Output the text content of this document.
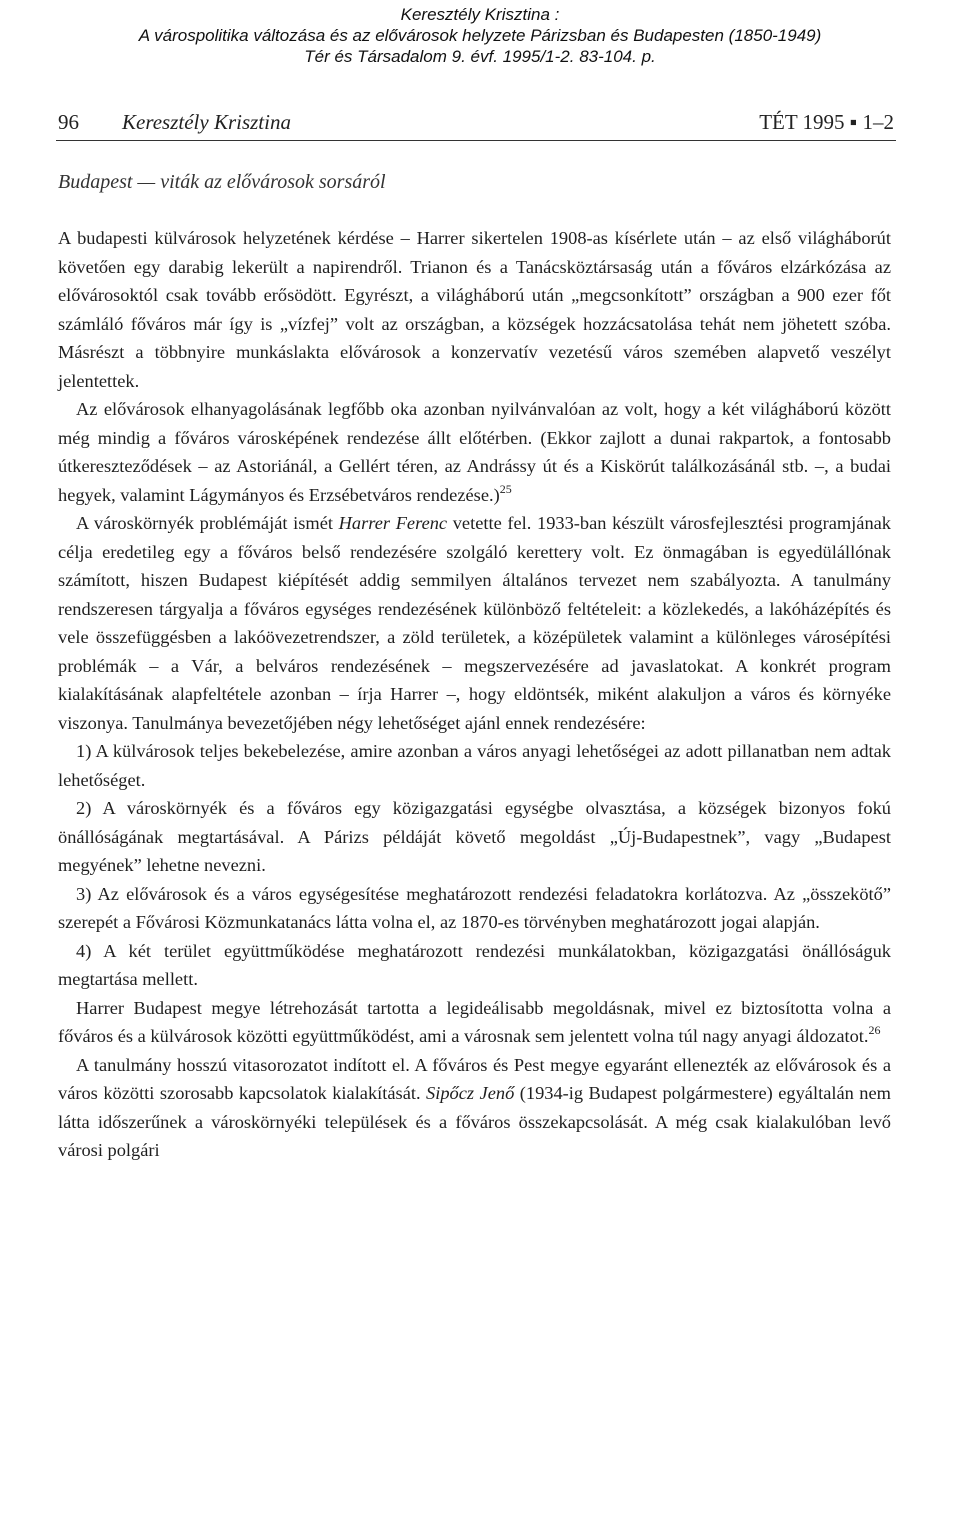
Keresztély Krisztina :
A várospolitika változása és az elővárosok helyzete Párizsban és Budapesten (1850-1949)
Tér és Társadalom 9. évf. 1995/1-2. 83-104. p.
96 Keresztély Krisztina	TÉT 1995 ▪ 1–2
Budapest — viták az elővárosok sorsáról

A budapesti külvárosok helyzetének kérdése – Harrer sikertelen 1908-as kísérlete után – az első világháborút követően egy darabig lekerült a napirendről. Trianon és a Tanácsköztársaság után a főváros elzárkózása az elővárosoktól csak tovább erősödött. Egyrészt, a világháború után „megcsonkított” országban a 900 ezer főt számláló főváros már így is „vízfej” volt az országban, a községek hozzácsatolása tehát nem jöhetett szóba. Másrészt a többnyire munkáslakta elővárosok a konzervatív vezetésű város szemében alapvető veszélyt jelentettek.

Az elővárosok elhanyagolásának legfőbb oka azonban nyilvánvalóan az volt, hogy a két világháború között még mindig a főváros városképének rendezése állt előtérben. (Ekkor zajlott a dunai rakpartok, a fontosabb útkereszteződések – az Astoriánál, a Gellért téren, az Andrássy út és a Kiskörút találkozásánál stb. –, a budai hegyek, valamint Lágymányos és Erzsébetváros rendezése.)$^{25}$

A városkörnyék problémáját ismét Harrer Ferenc vetette fel. 1933-ban készült városfejlesztési programjának célja eredetileg egy a főváros belső rendezésére szolgáló kerettery volt. Ez önmagában is egyedülállónak számított, hiszen Budapest kiépítését addig semmilyen általános tervezet nem szabályozta. A tanulmány rendszeresen tárgyalja a főváros egységes rendezésének különböző feltételeit: a közlekedés, a lakóházépítés és vele összefüggésben a lakóövezetrendszer, a zöld területek, a középületek valamint a különleges városépítési problémák – a Vár, a belváros rendezésének – megszervezésére ad javaslatokat. A konkrét program kialakításának alapfeltétele azonban – írja Harrer –, hogy eldöntsék, miként alakuljon a város és környéke viszonya. Tanulmánya bevezetőjében négy lehetőséget ajánl ennek rendezésére:

1) A külvárosok teljes bekebelezése, amire azonban a város anyagi lehetőségei az adott pillanatban nem adtak lehetőséget.

2) A városkörnyék és a főváros egy közigazgatási egységbe olvasztása, a községek bizonyos fokú önállóságának megtartásával. A Párizs példáját követő megoldást „Új-Budapestnek”, vagy „Budapest megyének” lehetne nevezni.

3) Az elővárosok és a város egységesítése meghatározott rendezési feladatokra korlátozva. Az „összekötő” szerepét a Fővárosi Közmunkatanács látta volna el, az 1870-es törvényben meghatározott jogai alapján.

4) A két terület együttműködése meghatározott rendezési munkálatokban, közigazgatási önállóságuk megtartása mellett.

Harrer Budapest megye létrehozását tartotta a legideálisabb megoldásnak, mivel ez biztosította volna a főváros és a külvárosok közötti együttműködést, ami a városnak sem jelentett volna túl nagy anyagi áldozatot.$^{26}$

A tanulmány hosszú vitasorozatot indított el. A főváros és Pest megye egyaránt ellenezték az elővárosok és a város közötti szorosabb kapcsolatok kialakítását. Sipőcz Jenő (1934-ig Budapest polgármestere) egyáltalán nem látta időszerűnek a városkörnyéki települések és a főváros összekapcsolását. A még csak kialakulóban levő városi polgári
